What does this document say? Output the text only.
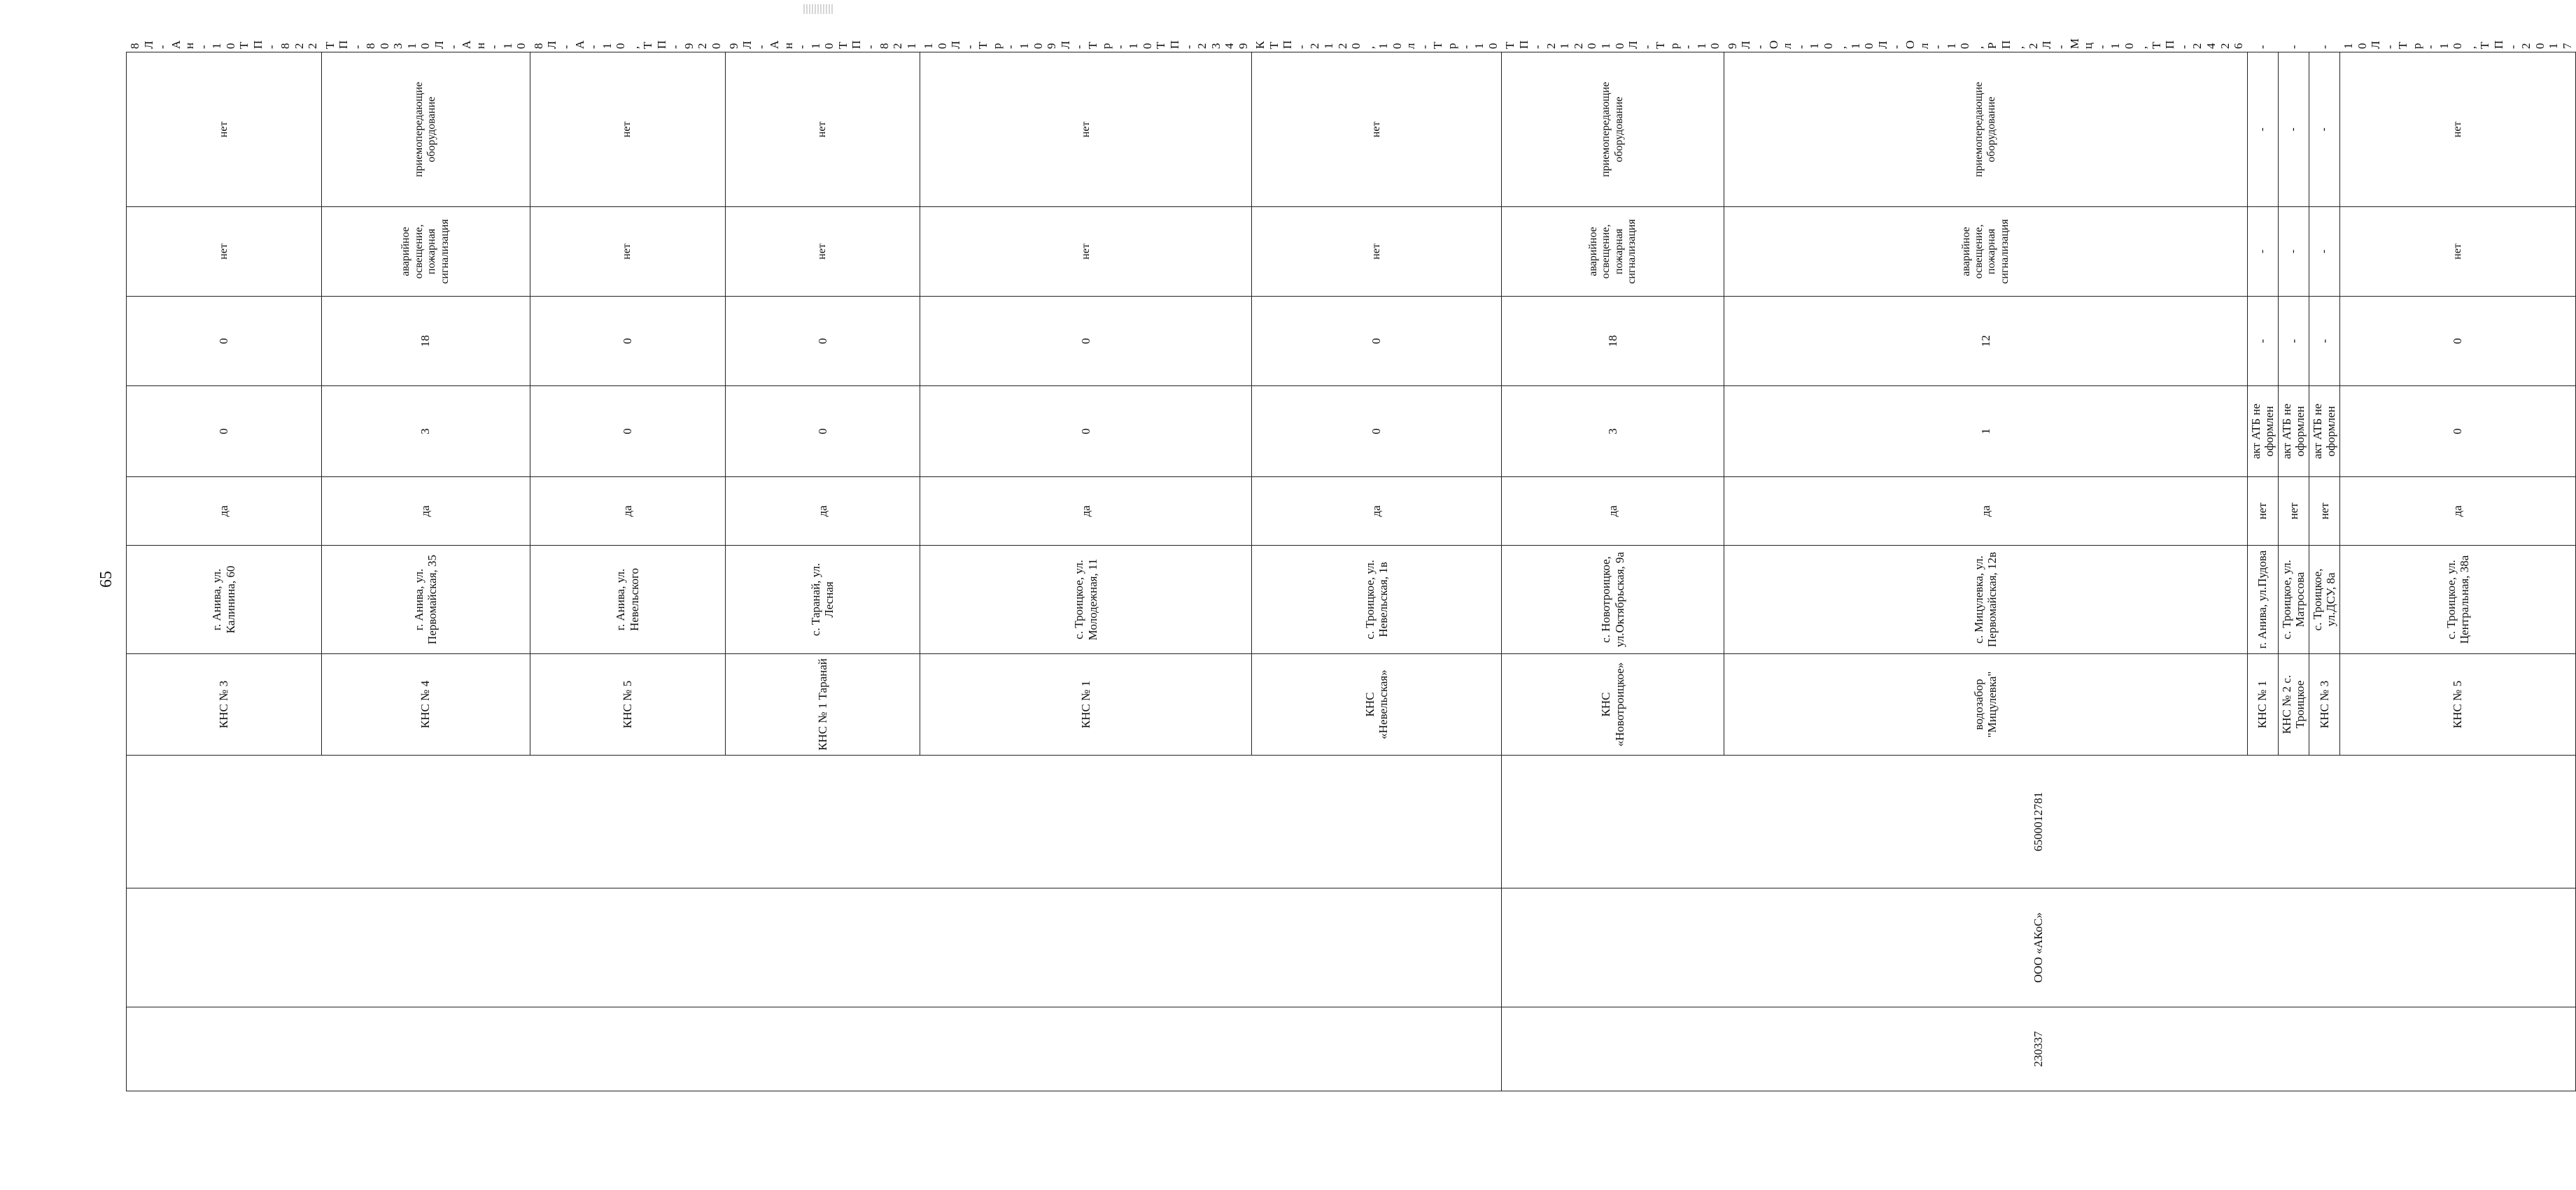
65
			КНС № 3	г. Анива, ул. Калинина, 60	да	0	0	нет	нет	8Л-Ан-10 ТП-822
			КНС № 4	г. Анива, ул. Первомайская, 35	да	3	18	аварийное освещение, пожарная сигнализация	приемопередающие оборудование	ТП-803 10Л-Ан-10
			КНС № 5	г. Анива, ул. Невельского	да	0	0	нет	нет	8Л-А-10, ТП-920
			КНС № 1 Таранай	с. Таранай, ул. Лесная	да	0	0	нет	нет	9Л-Ан-10 ТП-821
			КНС № 1	с. Троицкое, ул. Молодежная, 11	да	0	0	нет	нет	10Л-Тр-10 9Л-Тр-10 ТП-2349
			КНС «Невельская»	с. Троицкое, ул. Невельская, 1в	да	0	0	нет	нет	КТП-2120, 10л-Тр-10
230337	ООО «АКоС»	6500012781	КНС «Новотроицкое»	с. Новотроицкое, ул.Октябрьская, 9а	да	3	18	аварийное освещение, пожарная сигнализация	приемопередающие оборудование	ТП-2120 10Л-Тр-10
			водозабор "Мицулевка"	с. Мицулевка, ул. Первомайская, 12в	да	1	12	аварийное освещение, пожарная сигнализация	приемопередающие оборудование	9Л-Ол-10, 10Л-Ол-10, РП, 2Л-Мц-10, ТП-2426
			КНС № 1	г. Анива, ул.Пудова	нет	акт АТБ не оформлен	-	-	-	-
			КНС № 2 с. Троицкое	с. Троицкое, ул. Матросова	нет	акт АТБ не оформлен	-	-	-	-
			КНС № 3	с. Троицкое, ул.ДСУ, 8а	нет	акт АТБ не оформлен	-	-	-	-
			КНС № 5	с. Троицкое, ул. Центральная, 38а	да	0	0	нет	нет	10Л-Тр-10, ТП-2017
